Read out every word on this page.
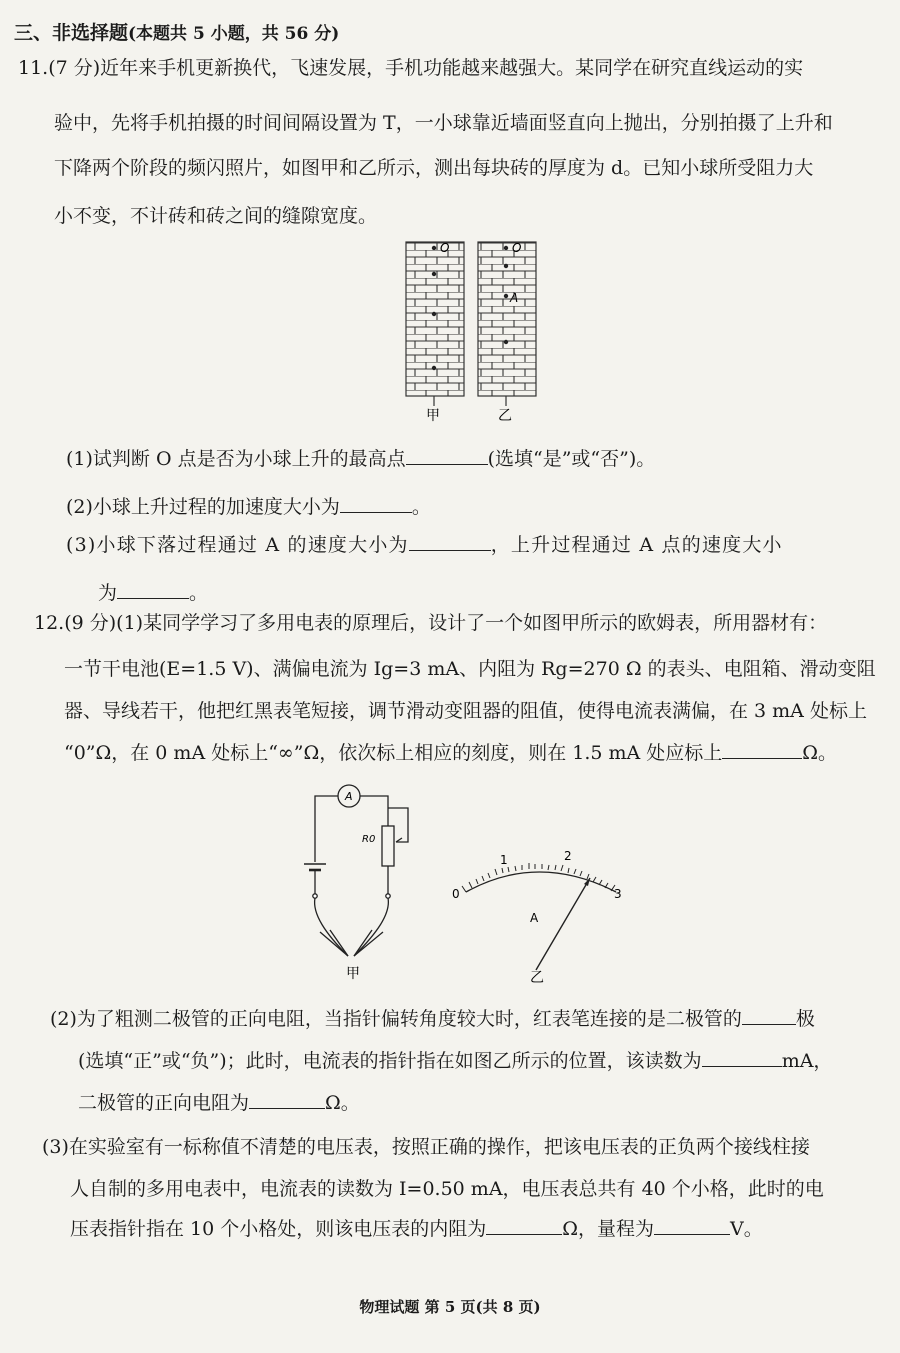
三、非选择题(本题共 5 小题，共 56 分)
11.(7 分)近年来手机更新换代，飞速发展，手机功能越来越强大。某同学在研究直线运动的实
验中，先将手机拍摄的时间间隔设置为 T，一小球靠近墙面竖直向上抛出，分别拍摄了上升和
下降两个阶段的频闪照片，如图甲和乙所示，测出每块砖的厚度为 d。已知小球所受阻力大
小不变，不计砖和砖之间的缝隙宽度。
O	O
A
甲	乙
(1)试判断 O 点是否为小球上升的最高点	(选填“是”或“否”)。
(2)小球上升过程的加速度大小为	。
(3)小球下落过程通过 A 的速度大小为	，上升过程通过 A 点的速度大小
为	。
12.(9 分)(1)某同学学习了多用电表的原理后，设计了一个如图甲所示的欧姆表，所用器材有：
一节干电池(E=1.5 V)、满偏电流为 Ig=3 mA、内阻为 Rg=270 Ω 的表头、电阻箱、滑动变阻
器、导线若干，他把红黑表笔短接，调节滑动变阻器的阻值，使得电流表满偏，在 3 mA 处标上
“0”Ω，在 0 mA 处标上“∞”Ω，依次标上相应的刻度，则在 1.5 mA 处应标上	Ω。
A
R0
甲
0
1	2
3
A
乙
(2)为了粗测二极管的正向电阻，当指针偏转角度较大时，红表笔连接的是二极管的	极
(选填“正”或“负”)；此时，电流表的指针指在如图乙所示的位置，该读数为	mA，
二极管的正向电阻为	Ω。
(3)在实验室有一标称值不清楚的电压表，按照正确的操作，把该电压表的正负两个接线柱接
人自制的多用电表中，电流表的读数为 I=0.50 mA，电压表总共有 40 个小格，此时的电
压表指针指在 10 个小格处，则该电压表的内阻为	Ω，量程为	V。
物理试题 第 5 页(共 8 页)
